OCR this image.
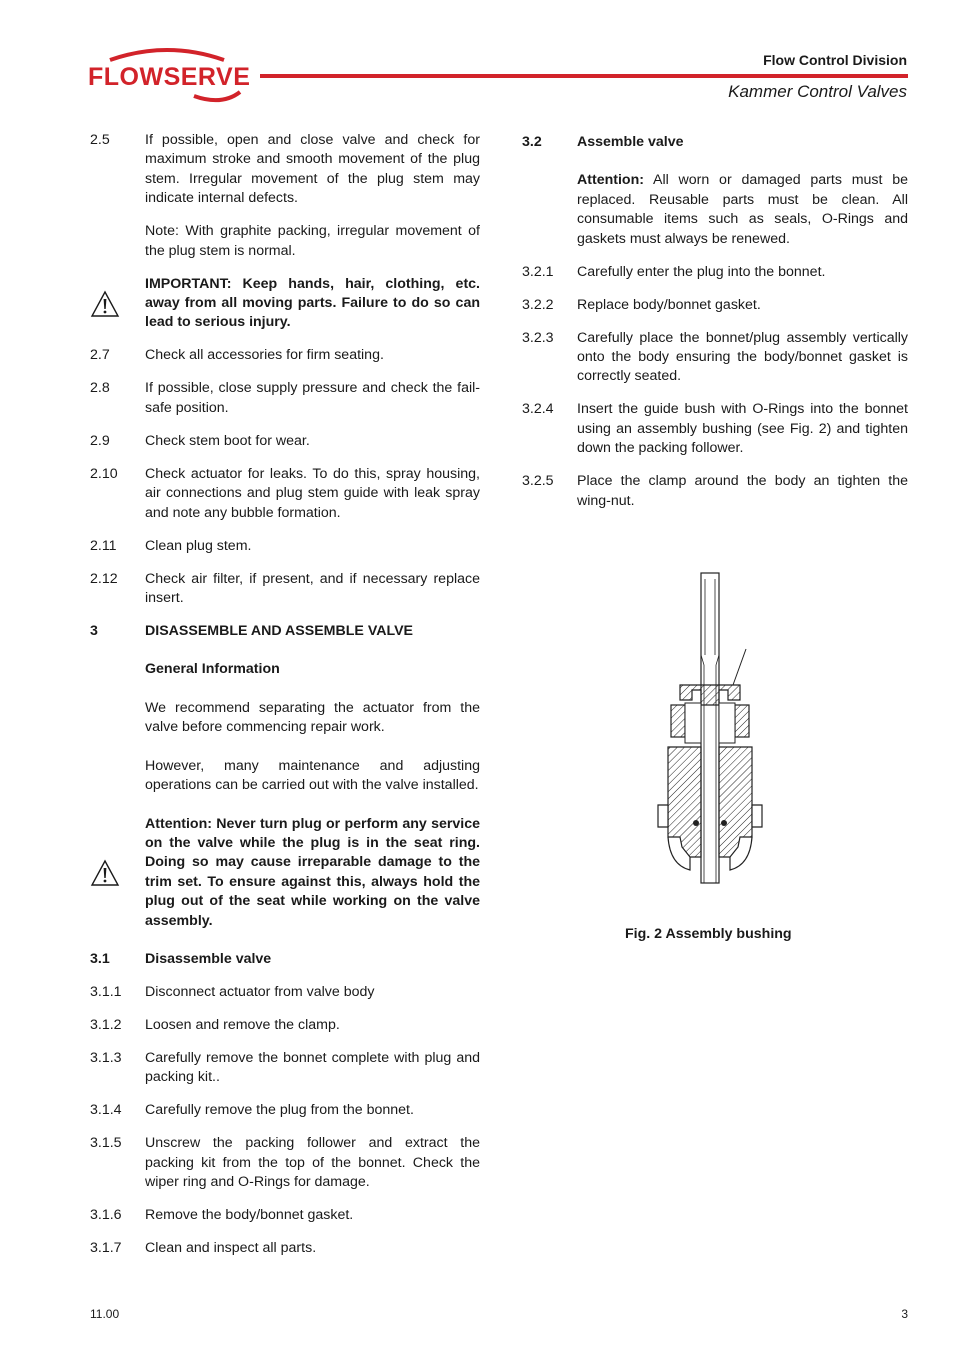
FLOWSERVE
Flow Control Division
Kammer Control Valves
2.5	If possible, open and close valve and check for maximum stroke and smooth movement of the plug stem. Irregular movement of the plug stem may indicate internal defects.
Note: With graphite packing, irregular movement of the plug stem is normal.
IMPORTANT: Keep hands, hair, clothing, etc. away from all moving parts. Failure to do so can lead to serious injury.
2.7	Check all accessories for firm seating.
2.8	If possible, close supply pressure and check the fail-safe position.
2.9	Check stem boot for wear.
2.10	Check actuator for leaks. To do this, spray housing, air connections and plug stem guide with leak spray and note any bubble formation.
2.11	Clean plug stem.
2.12	Check air filter, if present, and if necessary replace insert.
3	DISASSEMBLE AND ASSEMBLE VALVE
General Information
We recommend separating the actuator from the valve before commencing repair work.
However, many maintenance and adjusting operations can be carried out with the valve installed.
Attention: Never turn plug or perform any service on the valve while the plug is in the seat ring. Doing so may cause irreparable damage to the trim set. To ensure against this, always hold the plug out of the seat while working on the valve assembly.
3.1	Disassemble valve
3.1.1	Disconnect actuator from valve body
3.1.2	Loosen and remove the clamp.
3.1.3	Carefully remove the bonnet complete with plug and packing kit..
3.1.4	Carefully remove the plug from the bonnet.
3.1.5	Unscrew the packing follower and extract the packing kit from the top of the bonnet. Check the wiper ring and O-Rings for damage.
3.1.6	Remove the body/bonnet gasket.
3.1.7	Clean and inspect all parts.
3.2	Assemble valve
Attention: All worn or damaged parts must be replaced. Reusable parts must be clean. All consumable items such as seals, O-Rings and gaskets must always be renewed.
3.2.1	Carefully enter the plug into the bonnet.
3.2.2	Replace body/bonnet gasket.
3.2.3	Carefully place the bonnet/plug assembly vertically onto the body ensuring the body/bonnet gasket is correctly seated.
3.2.4	Insert the guide bush with O-Rings into the bonnet using an assembly bushing (see Fig. 2) and tighten down the packing follower.
3.2.5	Place the clamp around the body an tighten the wing-nut.
Fig. 2 Assembly bushing
11.00	3
